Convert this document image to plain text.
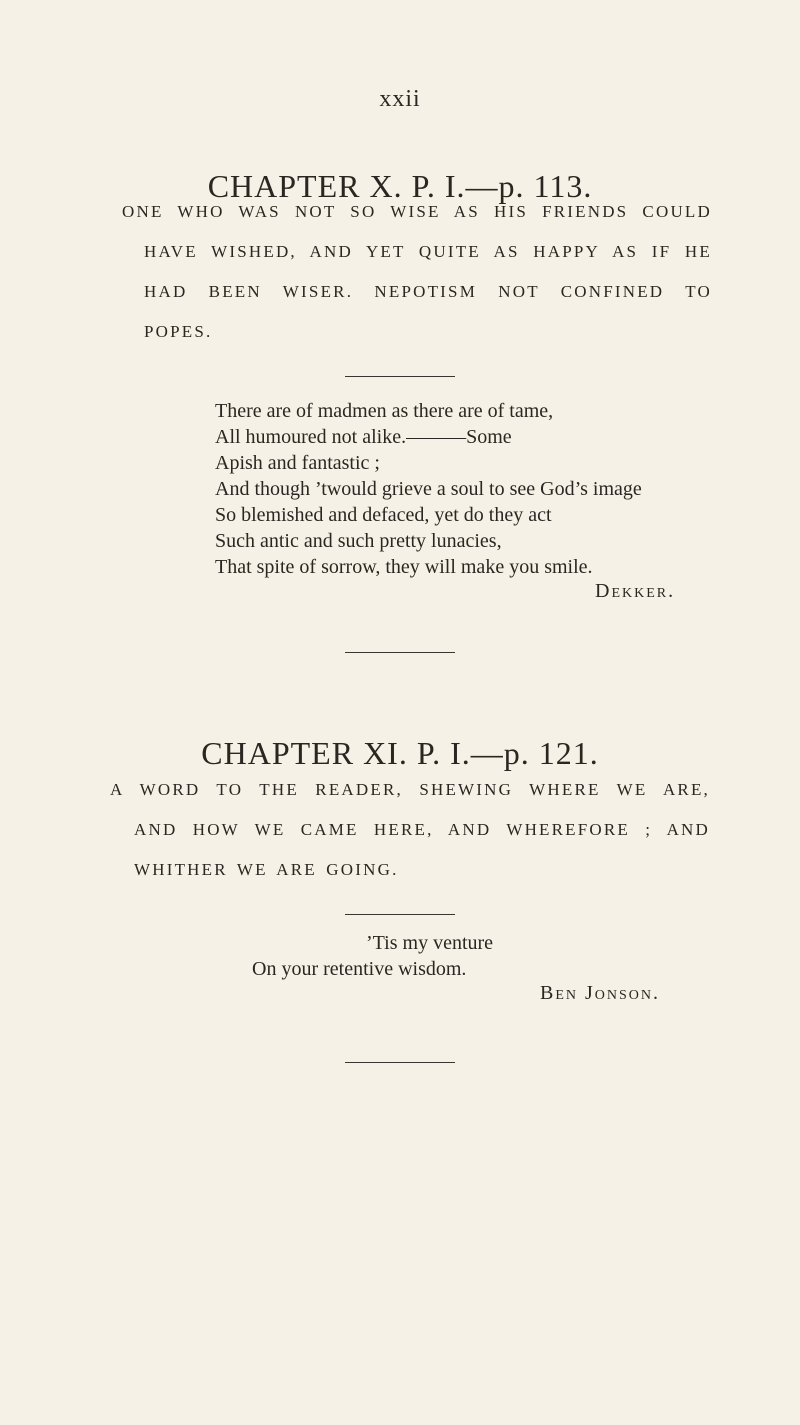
xxii
CHAPTER X. P. I.—p. 113.
ONE WHO WAS NOT SO WISE AS HIS FRIENDS COULD
HAVE WISHED, AND YET QUITE AS HAPPY AS IF HE
HAD BEEN WISER. NEPOTISM NOT CONFINED TO
POPES.
There are of madmen as there are of tame,
All humoured not alike.———Some
Apish and fantastic ;
And though ’twould grieve a soul to see God’s image
So blemished and defaced, yet do they act
Such antic and such pretty lunacies,
That spite of sorrow, they will make you smile.
Dekker.
CHAPTER XI. P. I.—p. 121.
A WORD TO THE READER, SHEWING WHERE WE ARE,
AND HOW WE CAME HERE, AND WHEREFORE ; AND
WHITHER WE ARE GOING.
’Tis my venture
On your retentive wisdom.
Ben Jonson.
